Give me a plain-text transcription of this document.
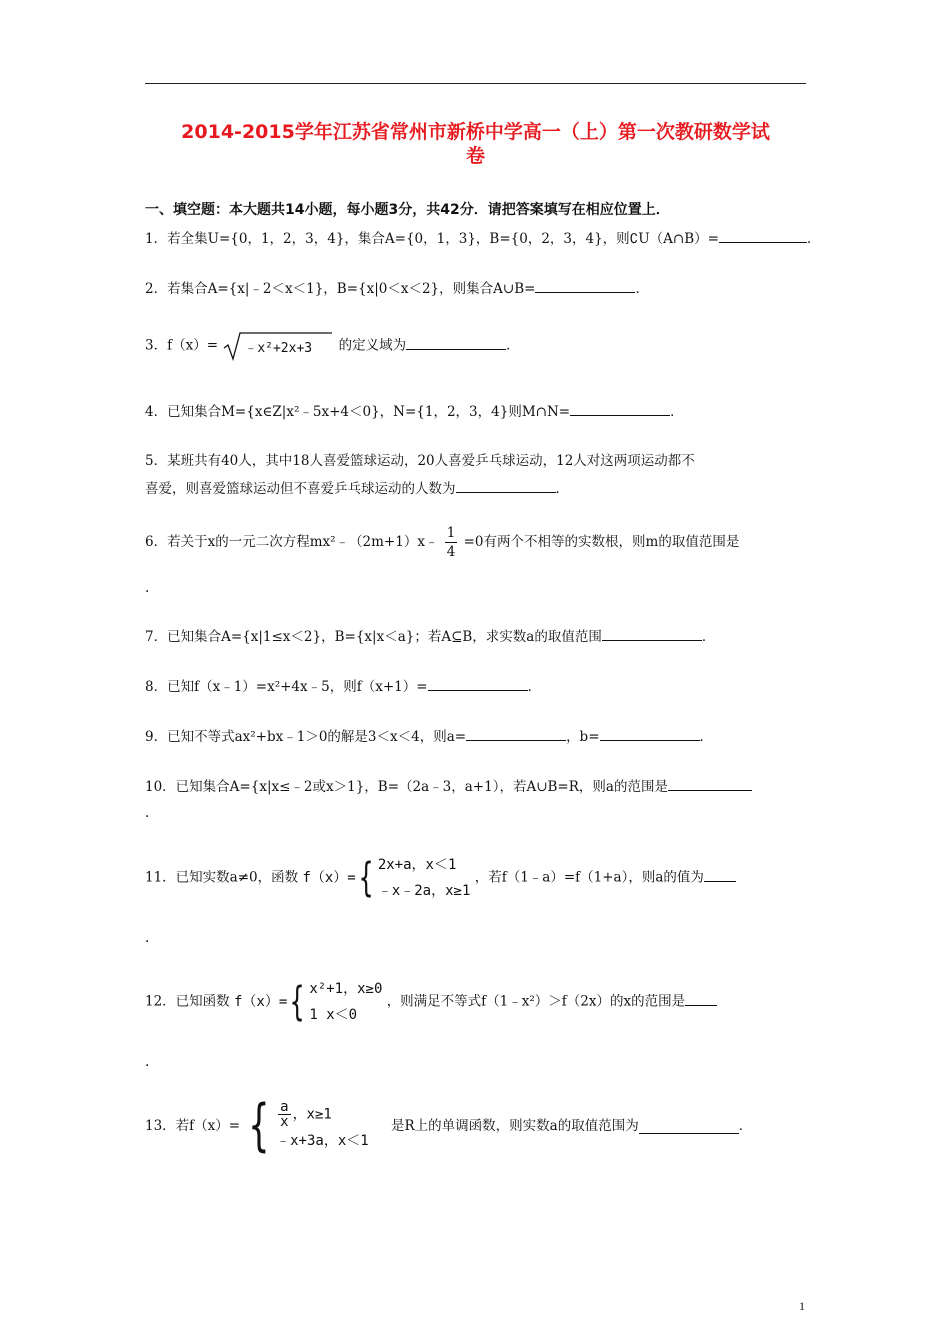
2014-2015学年江苏省常州市新桥中学高一（上）第一次教研数学试
卷
一、填空题：本大题共14小题，每小题3分，共42分．请把答案填写在相应位置上．
1．若全集U={0，1，2，3，4}，集合A={0，1，3}，B={0，2，3，4}，则∁U（A∩B）=	．
2．若集合A={x|﹣2＜x＜1}，B={x|0＜x＜2}，则集合A∪B=	．
3．f（x）= ﹣x²+2x+3 的定义域为	．
4．已知集合M={x∈Z|x²﹣5x+4＜0}，N={1，2，3，4}则M∩N=	．
5．某班共有40人，其中18人喜爱篮球运动，20人喜爱乒乓球运动，12人对这两项运动都不
喜爱，则喜爱篮球运动但不喜爱乒乓球运动的人数为	．
6．若关于x的一元二次方程mx²﹣（2m+1）x﹣ $\frac{1}{4} =0$有两个不相等的实数根，则m的取值范围是
.
7．已知集合A={x|1≤x＜2}，B={x|x＜a}；若A⊆B，求实数a的取值范围	．
8．已知f（x﹣1）=x²+4x﹣5，则f（x+1）=	．
9．已知不等式ax²+bx﹣1＞0的解是3＜x＜4，则a=	，b=	．
10．已知集合A={x|x≤﹣2或x＞1}，B=（2a﹣3，a+1），若A∪B=R，则a的范围是
.
11．已知实数a≠0，函数 f（x）={ 2x+a，x＜1
﹣x﹣2a，x≥1
，若f（1﹣a）=f（1+a），则a的值为
.
12．已知函数 f（x）={ x²+1，x≥0
1 x＜0
，则满足不等式f（1﹣x²）＞f（2x）的x的范围是
.
13．若f（x）= { $\frac{a}{x}$ ，x≥1
﹣x+3a，x＜1
是R上的单调函数，则实数a的取值范围为	．
1
